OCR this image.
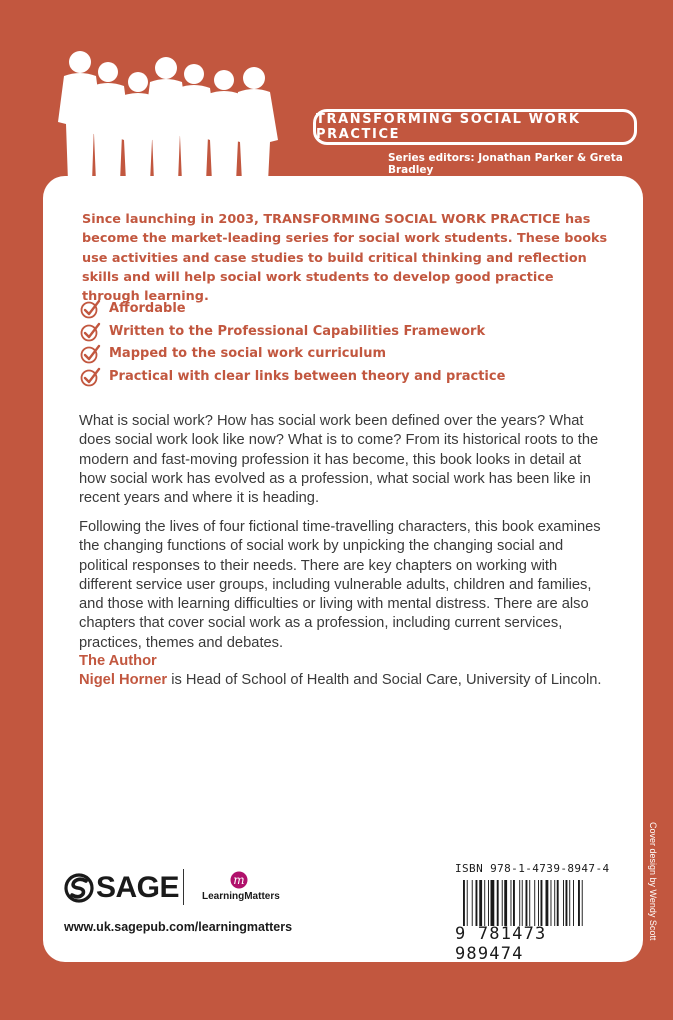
TRANSFORMING SOCIAL WORK PRACTICE
Series editors: Jonathan Parker & Greta Bradley
Since launching in 2003, TRANSFORMING SOCIAL WORK PRACTICE has become the market-leading series for social work students. These books use activities and case studies to build critical thinking and reflection skills and will help social work students to develop good practice through learning.
Affordable
Written to the Professional Capabilities Framework
Mapped to the social work curriculum
Practical with clear links between theory and practice
What is social work? How has social work been defined over the years? What does social work look like now? What is to come? From its historical roots to the modern and fast-moving profession it has become, this book looks in detail at how social work has evolved as a profession, what social work has been like in recent years and where it is heading.
Following the lives of four fictional time-travelling characters, this book examines the changing functions of social work by unpicking the changing social and political responses to their needs. There are key chapters on working with different service user groups, including vulnerable adults, children and families, and those with learning difficulties or living with mental distress. There are also chapters that cover social work as a profession, including current services, practices, themes and debates.
The Author
Nigel Horner is Head of School of Health and Social Care, University of Lincoln.
SAGE	m
LearningMatters
www.uk.sagepub.com/learningmatters
ISBN 978-1-4739-8947-4
9 781473 989474
Cover design by Wendy Scott
